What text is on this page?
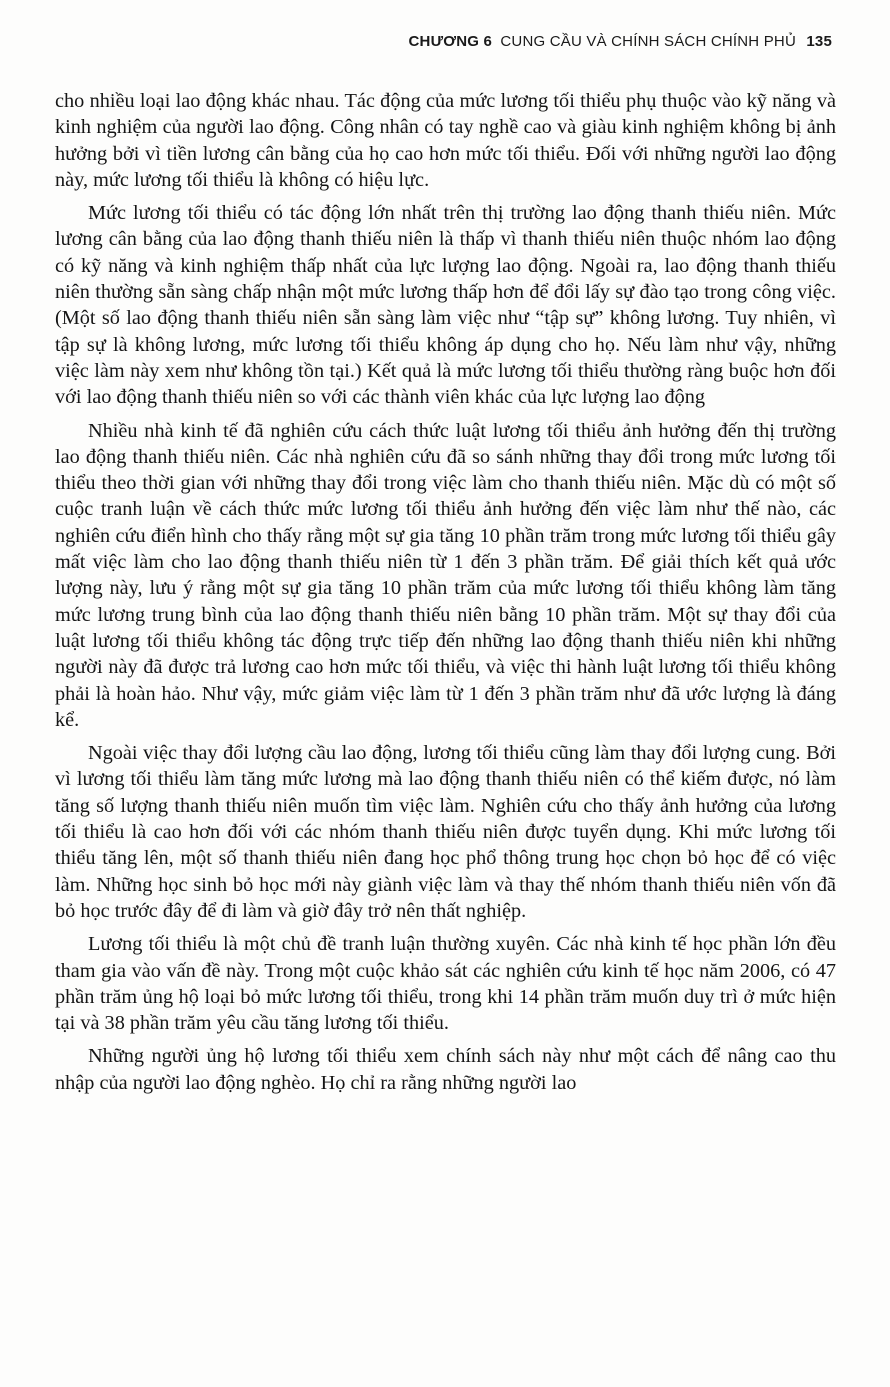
CHƯƠNG 6 CUNG CẦU VÀ CHÍNH SÁCH CHÍNH PHỦ 135

cho nhiều loại lao động khác nhau. Tác động của mức lương tối thiểu phụ thuộc vào kỹ năng và kinh nghiệm của người lao động. Công nhân có tay nghề cao và giàu kinh nghiệm không bị ảnh hưởng bởi vì tiền lương cân bằng của họ cao hơn mức tối thiểu. Đối với những người lao động này, mức lương tối thiểu là không có hiệu lực.

Mức lương tối thiểu có tác động lớn nhất trên thị trường lao động thanh thiếu niên. Mức lương cân bằng của lao động thanh thiếu niên là thấp vì thanh thiếu niên thuộc nhóm lao động có kỹ năng và kinh nghiệm thấp nhất của lực lượng lao động. Ngoài ra, lao động thanh thiếu niên thường sẵn sàng chấp nhận một mức lương thấp hơn để đổi lấy sự đào tạo trong công việc. (Một số lao động thanh thiếu niên sẵn sàng làm việc như “tập sự” không lương. Tuy nhiên, vì tập sự là không lương, mức lương tối thiểu không áp dụng cho họ. Nếu làm như vậy, những việc làm này xem như không tồn tại.) Kết quả là mức lương tối thiểu thường ràng buộc hơn đối với lao động thanh thiếu niên so với các thành viên khác của lực lượng lao động

Nhiều nhà kinh tế đã nghiên cứu cách thức luật lương tối thiểu ảnh hưởng đến thị trường lao động thanh thiếu niên. Các nhà nghiên cứu đã so sánh những thay đổi trong mức lương tối thiểu theo thời gian với những thay đổi trong việc làm cho thanh thiếu niên. Mặc dù có một số cuộc tranh luận về cách thức mức lương tối thiểu ảnh hưởng đến việc làm như thế nào, các nghiên cứu điển hình cho thấy rằng một sự gia tăng 10 phần trăm trong mức lương tối thiểu gây mất việc làm cho lao động thanh thiếu niên từ 1 đến 3 phần trăm. Để giải thích kết quả ước lượng này, lưu ý rằng một sự gia tăng 10 phần trăm của mức lương tối thiểu không làm tăng mức lương trung bình của lao động thanh thiếu niên bằng 10 phần trăm. Một sự thay đổi của luật lương tối thiểu không tác động trực tiếp đến những lao động thanh thiếu niên khi những người này đã được trả lương cao hơn mức tối thiểu, và việc thi hành luật lương tối thiểu không phải là hoàn hảo. Như vậy, mức giảm việc làm từ 1 đến 3 phần trăm như đã ước lượng là đáng kể.

Ngoài việc thay đổi lượng cầu lao động, lương tối thiểu cũng làm thay đổi lượng cung. Bởi vì lương tối thiểu làm tăng mức lương mà lao động thanh thiếu niên có thể kiếm được, nó làm tăng số lượng thanh thiếu niên muốn tìm việc làm. Nghiên cứu cho thấy ảnh hưởng của lương tối thiểu là cao hơn đối với các nhóm thanh thiếu niên được tuyển dụng. Khi mức lương tối thiểu tăng lên, một số thanh thiếu niên đang học phổ thông trung học chọn bỏ học để có việc làm. Những học sinh bỏ học mới này giành việc làm và thay thế nhóm thanh thiếu niên vốn đã bỏ học trước đây để đi làm và giờ đây trở nên thất nghiệp.

Lương tối thiểu là một chủ đề tranh luận thường xuyên. Các nhà kinh tế học phần lớn đều tham gia vào vấn đề này. Trong một cuộc khảo sát các nghiên cứu kinh tế học năm 2006, có 47 phần trăm ủng hộ loại bỏ mức lương tối thiểu, trong khi 14 phần trăm muốn duy trì ở mức hiện tại và 38 phần trăm yêu cầu tăng lương tối thiểu.

Những người ủng hộ lương tối thiểu xem chính sách này như một cách để nâng cao thu nhập của người lao động nghèo. Họ chỉ ra rằng những người lao
